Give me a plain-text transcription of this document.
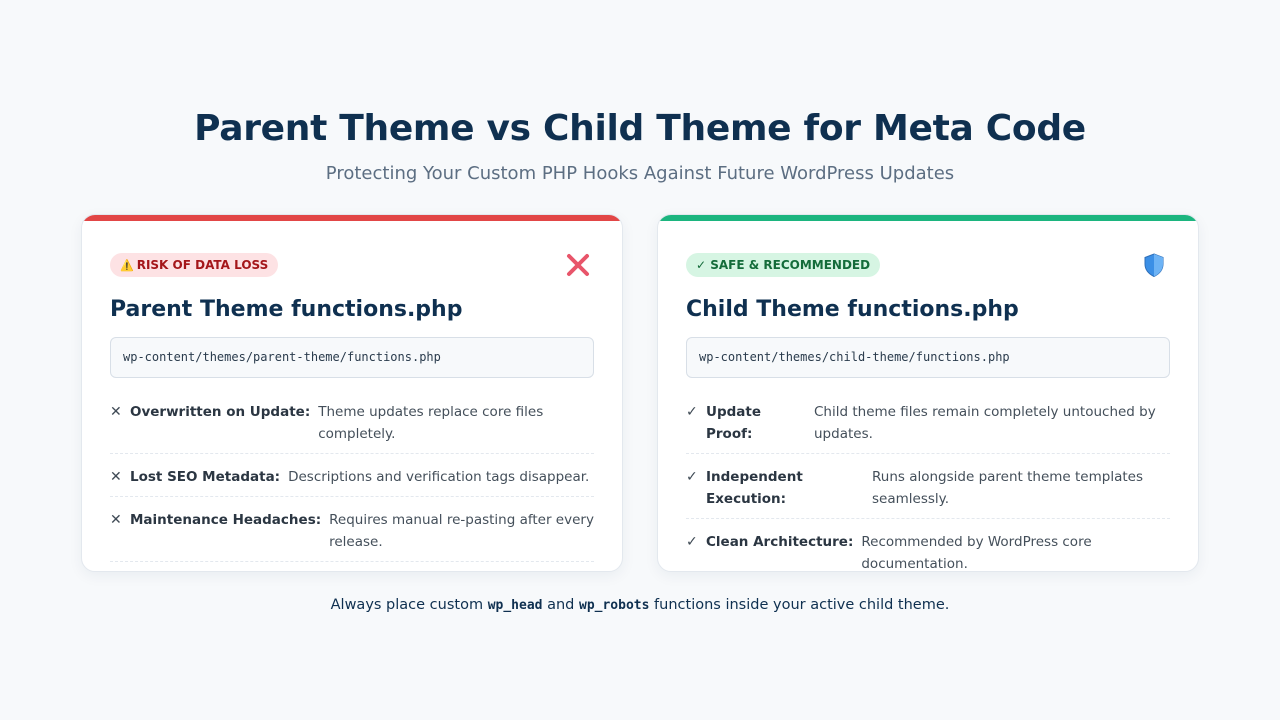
Parent Theme vs Child Theme for Meta Code
Protecting Your Custom PHP Hooks Against Future WordPress Updates
⚠️ RISK OF DATA LOSS
Parent Theme functions.php
wp-content/themes/parent-theme/functions.php
✕ Overwritten on Update: Theme updates replace core files completely.
✕ Lost SEO Metadata: Descriptions and verification tags disappear.
✕ Maintenance Headaches: Requires manual re-pasting after every release.
✓ SAFE & RECOMMENDED
Child Theme functions.php
wp-content/themes/child-theme/functions.php
✓ Update Proof:
Child theme files remain completely untouched by updates.
✓ Independent Execution:
Runs alongside parent theme templates seamlessly.
✓ Clean Architecture: Recommended by WordPress core documentation.
Always place custom wp_head and wp_robots functions inside your active child theme.
